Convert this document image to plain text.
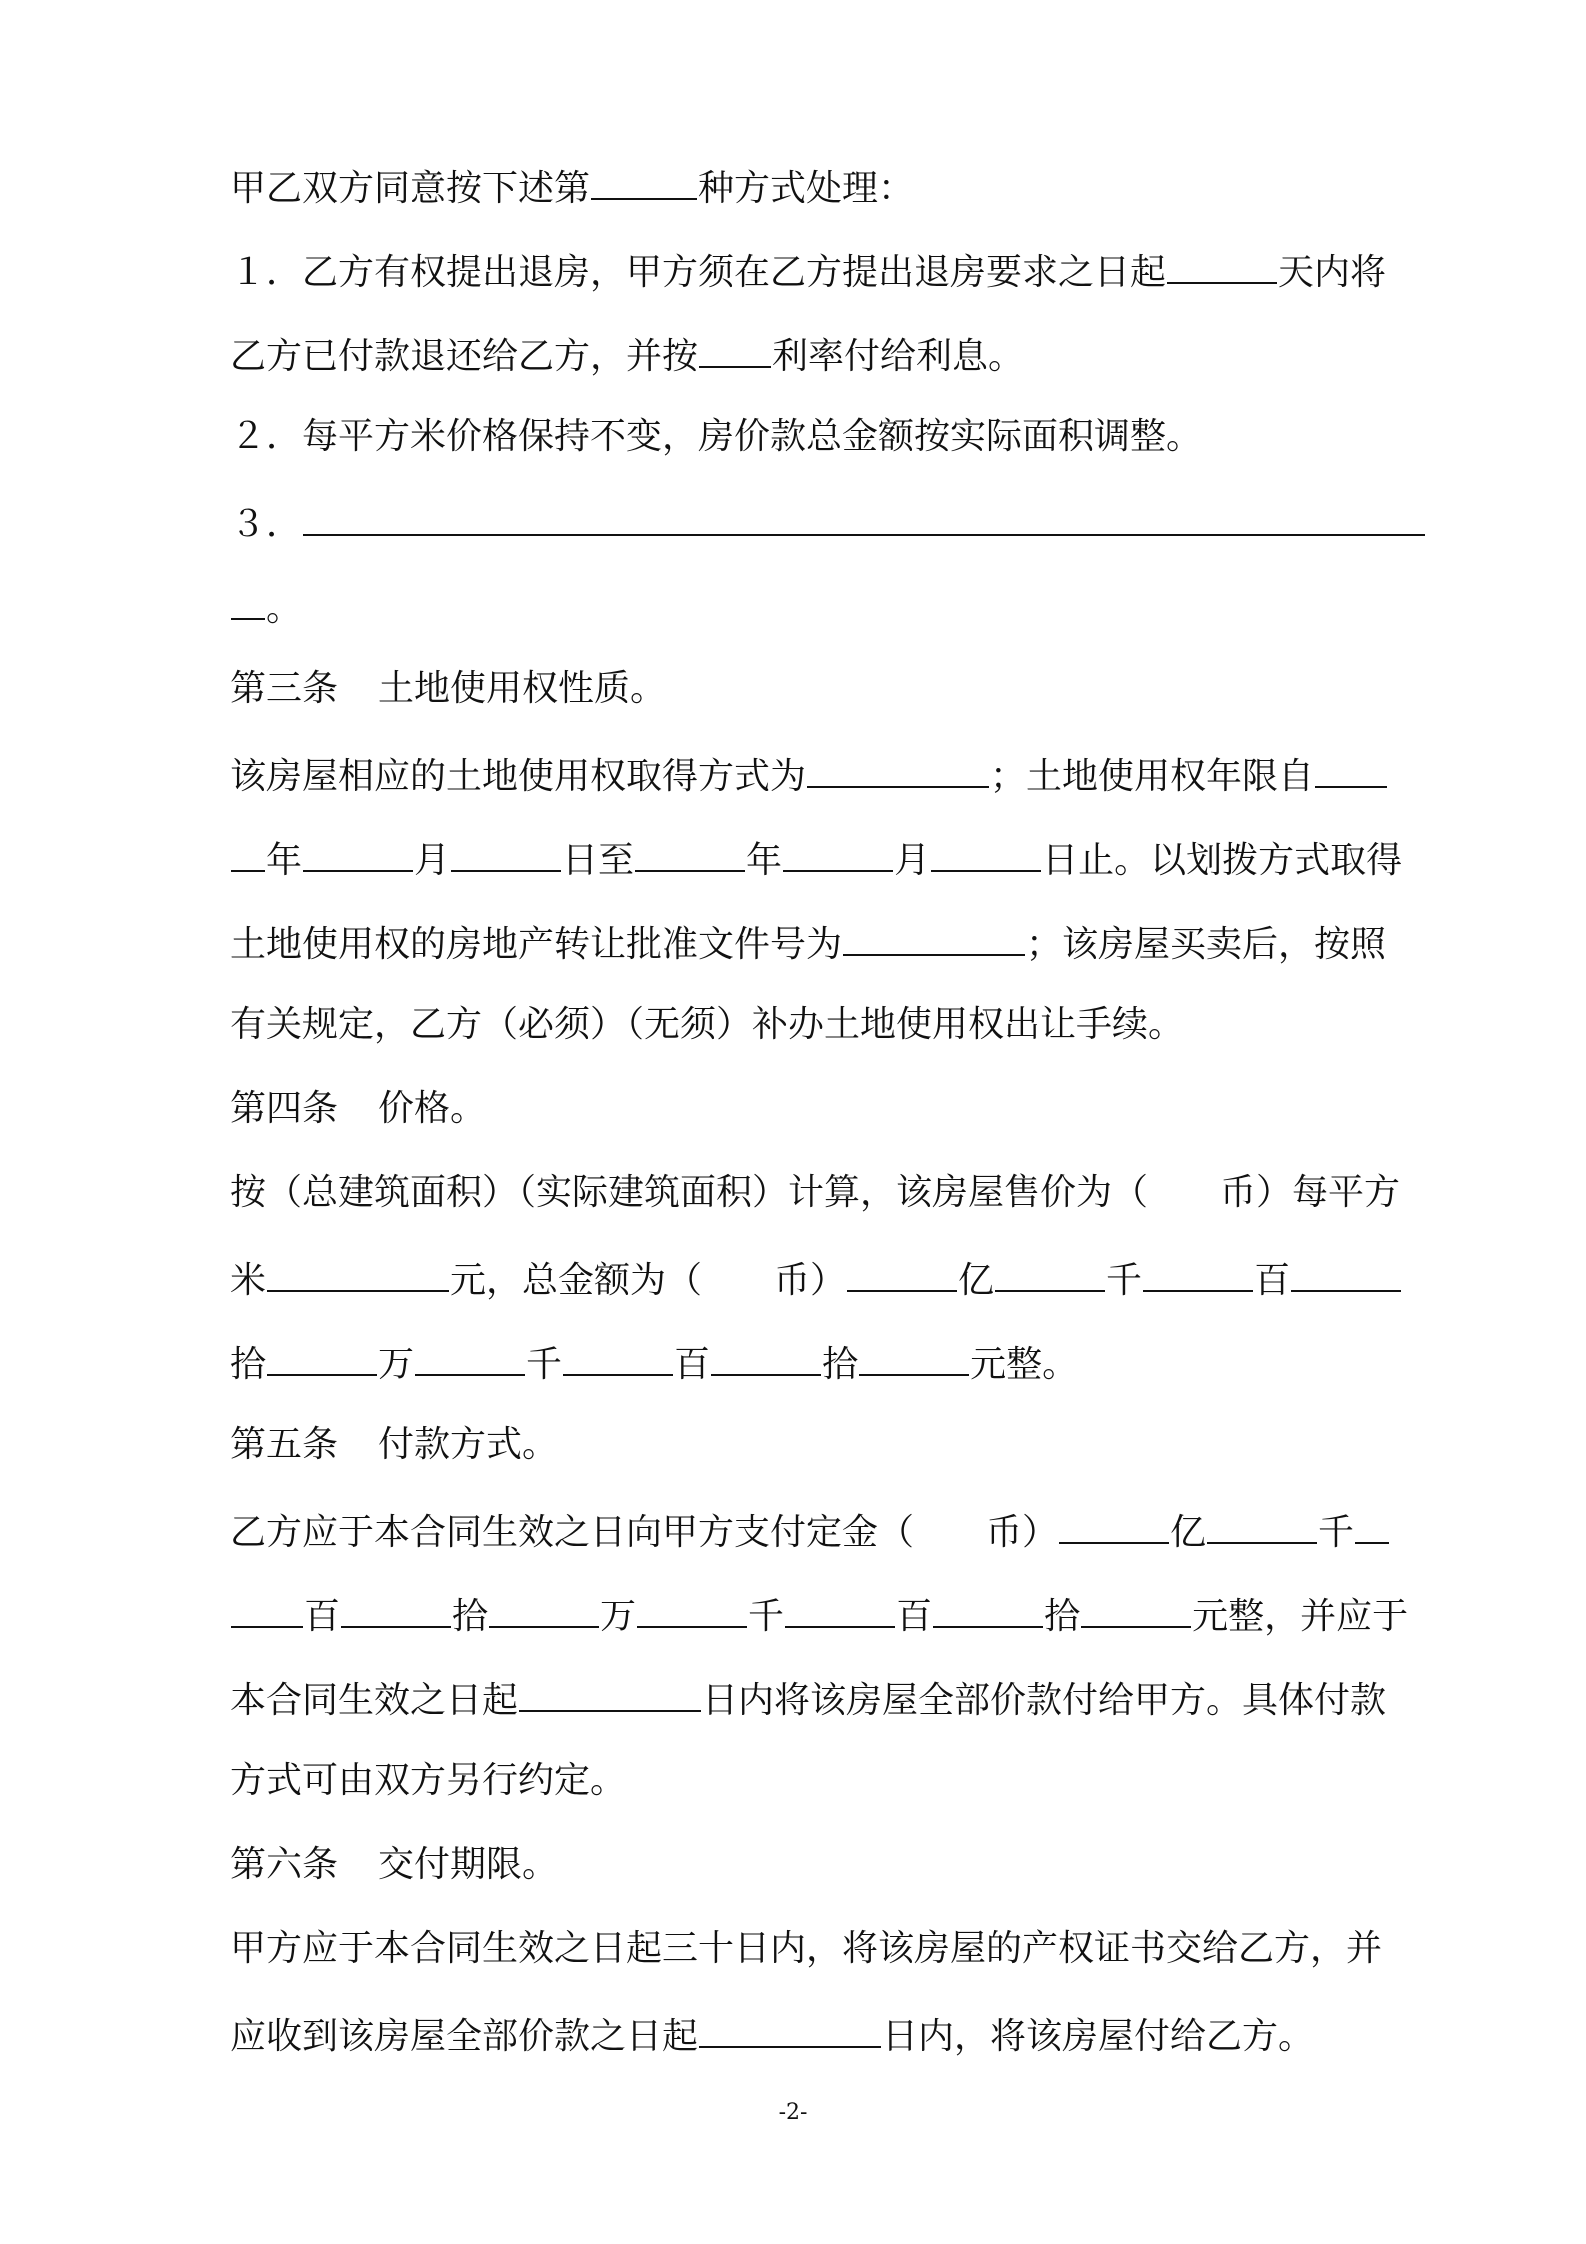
甲乙双方同意按下述第	种方式处理：
１．乙方有权提出退房，甲方须在乙方提出退房要求之日起	天内将
乙方已付款退还给乙方，并按 利率付给利息。
２．每平方米价格保持不变，房价款总金额按实际面积调整。
３．
。
第三条 土地使用权性质。
该房屋相应的土地使用权取得方式为	；土地使用权年限自
年	月	日至	年	月	日止。以划拨方式取得
土地使用权的房地产转让批准文件号为	；该房屋买卖后，按照
有关规定，乙方（必须）（无须）补办土地使用权出让手续。
第四条 价格。
按（总建筑面积）（实际建筑面积）计算，该房屋售价为（　　币）每平方
米	元，总金额为（　　币）	亿	千	百
拾	万	千	百	拾	元整。
第五条 付款方式。
乙方应于本合同生效之日向甲方支付定金（　　币）	亿	千
百	拾	万	千	百	拾	元整，并应于
本合同生效之日起	日内将该房屋全部价款付给甲方。具体付款
方式可由双方另行约定。
第六条 交付期限。
甲方应于本合同生效之日起三十日内，将该房屋的产权证书交给乙方，并
应收到该房屋全部价款之日起	日内，将该房屋付给乙方。
-2-
